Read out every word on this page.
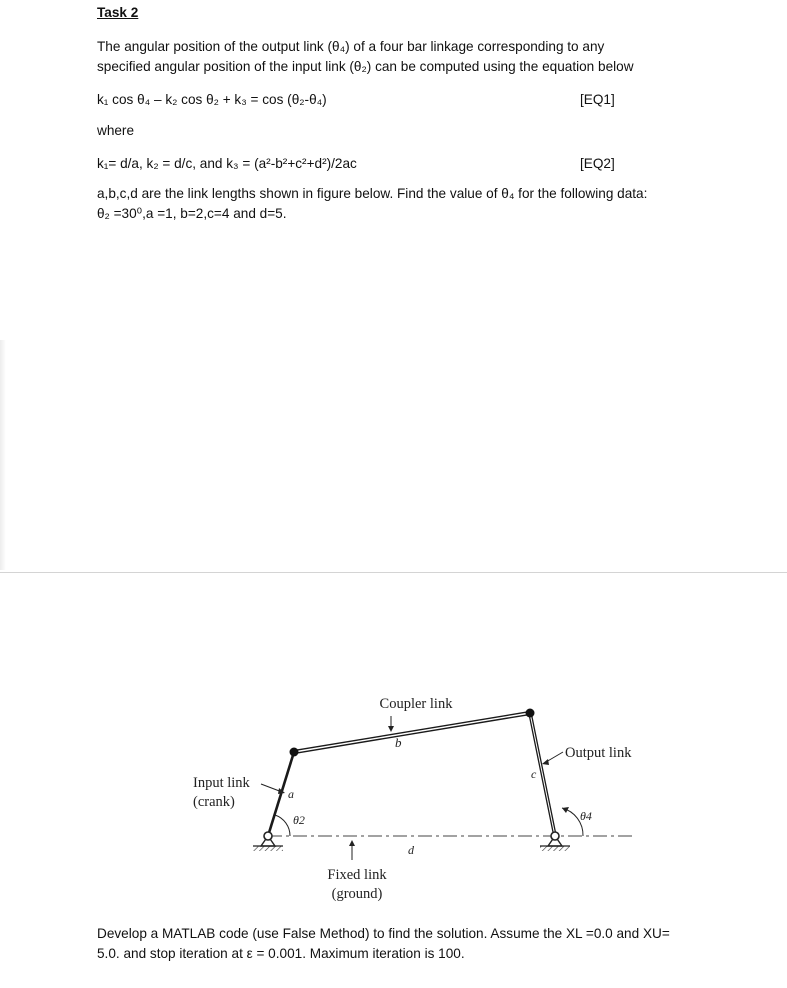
Task 2
The angular position of the output link (θ₄) of a four bar linkage corresponding to any
specified angular position of the input link (θ₂) can be computed using the equation below
k₁ cos θ₄ – k₂ cos θ₂ + k₃ = cos (θ₂-θ₄)	[EQ1]
where
k₁= d/a, k₂ = d/c, and k₃ = (a²-b²+c²+d²)/2ac	[EQ2]
a,b,c,d are the link lengths shown in figure below. Find the value of θ₄ for the following data:
θ₂ =30⁰,a =1, b=2,c=4 and d=5.
Coupler link
b
Output link
c
θ4
Input link
(crank)	a
θ2
d
Fixed link
(ground)
Develop a MATLAB code (use False Method) to find the solution. Assume the XL =0.0 and XU=
5.0. and stop iteration at ε = 0.001. Maximum iteration is 100.
